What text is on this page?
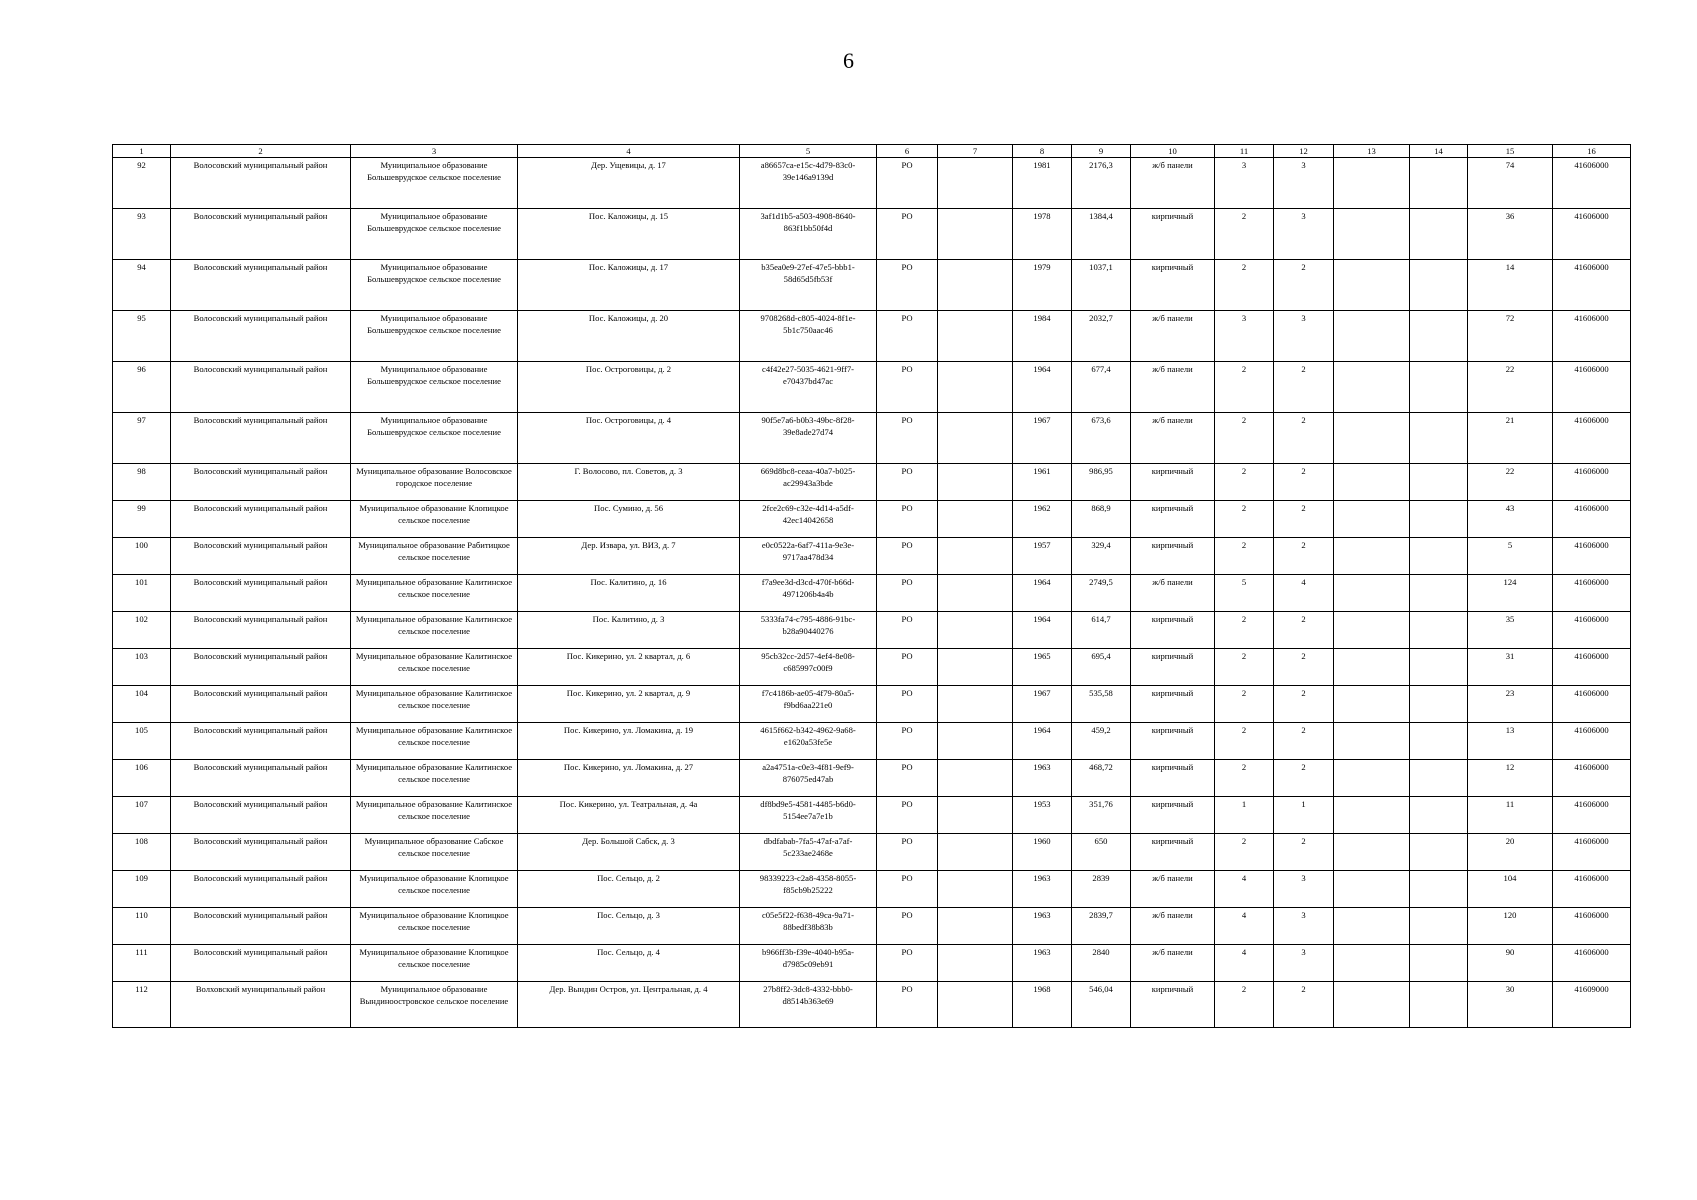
6
1	2	3	4	5	6	7	8	9	10	11	12	13	14	15	16
92	Волосовский муниципальный район	Муниципальное образование Большеврудское сельское поселение	Дер. Ущевицы, д. 17	a86657ca-e15c-4d79-83c0-39e146a9139d	РО		1981	2176,3	ж/б панели	3	3			74	41606000
93	Волосовский муниципальный район	Муниципальное образование Большеврудское сельское поселение	Пос. Каложицы, д. 15	3af1d1b5-a503-4908-8640-863f1bb50f4d	РО		1978	1384,4	кирпичный	2	3			36	41606000
94	Волосовский муниципальный район	Муниципальное образование Большеврудское сельское поселение	Пос. Каложицы, д. 17	b35ea0e9-27ef-47e5-bbb1-58d65d5fb53f	РО		1979	1037,1	кирпичный	2	2			14	41606000
95	Волосовский муниципальный район	Муниципальное образование Большеврудское сельское поселение	Пос. Каложицы, д. 20	9708268d-c805-4024-8f1e-5b1c750aac46	РО		1984	2032,7	ж/б панели	3	3			72	41606000
96	Волосовский муниципальный район	Муниципальное образование Большеврудское сельское поселение	Пос. Остроговицы, д. 2	c4f42e27-5035-4621-9ff7-e70437bd47ac	РО		1964	677,4	ж/б панели	2	2			22	41606000
97	Волосовский муниципальный район	Муниципальное образование Большеврудское сельское поселение	Пос. Остроговицы, д. 4	90f5e7a6-b0b3-49bc-8f28-39e8ade27d74	РО		1967	673,6	ж/б панели	2	2			21	41606000
98	Волосовский муниципальный район	Муниципальное образование Волосовское городское поселение	Г. Волосово, пл. Советов, д. 3	669d8bc8-ceaa-40a7-b025-ac29943a3bde	РО		1961	986,95	кирпичный	2	2			22	41606000
99	Волосовский муниципальный район	Муниципальное образование Клопицкое сельское поселение	Пос. Сумино, д. 56	2fce2c69-c32e-4d14-a5df-42ec14042658	РО		1962	868,9	кирпичный	2	2			43	41606000
100	Волосовский муниципальный район	Муниципальное образование Рабитицкое сельское поселение	Дер. Извара, ул. ВИЗ, д. 7	e0c0522a-6af7-411a-9e3e-9717aa478d34	РО		1957	329,4	кирпичный	2	2			5	41606000
101	Волосовский муниципальный район	Муниципальное образование Калитинское сельское поселение	Пос. Калитино, д. 16	f7a9ee3d-d3cd-470f-b66d-4971206b4a4b	РО		1964	2749,5	ж/б панели	5	4			124	41606000
102	Волосовский муниципальный район	Муниципальное образование Калитинское сельское поселение	Пос. Калитино, д. 3	5333fa74-c795-4886-91bc-b28a90440276	РО		1964	614,7	кирпичный	2	2			35	41606000
103	Волосовский муниципальный район	Муниципальное образование Калитинское сельское поселение	Пос. Кикерино, ул. 2 квартал, д. 6	95cb32cc-2d57-4ef4-8e08-c685997c00f9	РО		1965	695,4	кирпичный	2	2			31	41606000
104	Волосовский муниципальный район	Муниципальное образование Калитинское сельское поселение	Пос. Кикерино, ул. 2 квартал, д. 9	f7c4186b-ae05-4f79-80a5-f9bd6aa221e0	РО		1967	535,58	кирпичный	2	2			23	41606000
105	Волосовский муниципальный район	Муниципальное образование Калитинское сельское поселение	Пос. Кикерино, ул. Ломакина, д. 19	4615f662-b342-4962-9a68-e1620a53fe5e	РО		1964	459,2	кирпичный	2	2			13	41606000
106	Волосовский муниципальный район	Муниципальное образование Калитинское сельское поселение	Пос. Кикерино, ул. Ломакина, д. 27	a2a4751a-c0e3-4f81-9ef9-876075ed47ab	РО		1963	468,72	кирпичный	2	2			12	41606000
107	Волосовский муниципальный район	Муниципальное образование Калитинское сельское поселение	Пос. Кикерино, ул. Театральная, д. 4а	df8bd9e5-4581-4485-b6d0-5154ee7a7e1b	РО		1953	351,76	кирпичный	1	1			11	41606000
108	Волосовский муниципальный район	Муниципальное образование Сабское сельское поселение	Дер. Большой Сабск, д. 3	dbdfabab-7fa5-47af-a7af-5c233ae2468e	РО		1960	650	кирпичный	2	2			20	41606000
109	Волосовский муниципальный район	Муниципальное образование Клопицкое сельское поселение	Пос. Сельцо, д. 2	98339223-c2a8-4358-8055-f85cb9b25222	РО		1963	2839	ж/б панели	4	3			104	41606000
110	Волосовский муниципальный район	Муниципальное образование Клопицкое сельское поселение	Пос. Сельцо, д. 3	c05e5f22-f638-49ca-9a71-88bedf38b83b	РО		1963	2839,7	ж/б панели	4	3			120	41606000
111	Волосовский муниципальный район	Муниципальное образование Клопицкое сельское поселение	Пос. Сельцо, д. 4	b966ff3b-f39e-4040-b95a-d7985c09eb91	РО		1963	2840	ж/б панели	4	3			90	41606000
112	Волховский муниципальный район	Муниципальное образование Вындиноостровское сельское поселение	Дер. Вындин Остров, ул. Центральная, д. 4	27b8ff2-3dc8-4332-bbb0-d8514b363e69	РО		1968	546,04	кирпичный	2	2			30	41609000
